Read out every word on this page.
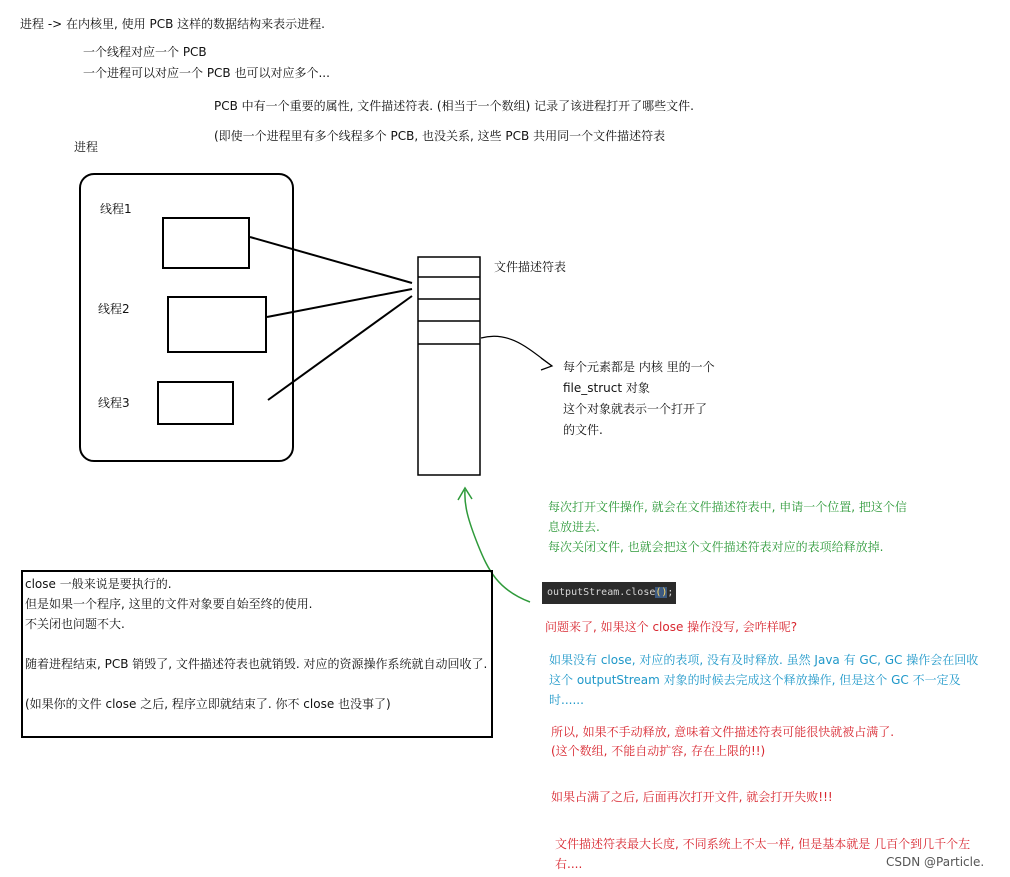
进程 -> 在内核里, 使用 PCB 这样的数据结构来表示进程.
一个线程对应一个 PCB
一个进程可以对应一个 PCB 也可以对应多个...
PCB 中有一个重要的属性, 文件描述符表. (相当于一个数组) 记录了该进程打开了哪些文件.
(即使一个进程里有多个线程多个 PCB, 也没关系, 这些 PCB 共用同一个文件描述符表
进程
线程1
线程2
线程3
文件描述符表
每个元素都是 内核 里的一个
file_struct 对象
这个对象就表示一个打开了
的文件.
每次打开文件操作, 就会在文件描述符表中, 申请一个位置, 把这个信
息放进去.
每次关闭文件, 也就会把这个文件描述符表对应的表项给释放掉.
outputStream.close();
close 一般来说是要执行的.
但是如果一个程序, 这里的文件对象要自始至终的使用.
不关闭也问题不大.
随着进程结束, PCB 销毁了, 文件描述符表也就销毁. 对应的资源操作系统就自动回收了.
(如果你的文件 close 之后, 程序立即就结束了. 你不 close 也没事了)
问题来了, 如果这个 close 操作没写, 会咋样呢?
如果没有 close, 对应的表项, 没有及时释放. 虽然 Java 有 GC, GC 操作会在回收
这个 outputStream 对象的时候去完成这个释放操作, 但是这个 GC 不一定及
时......
所以, 如果不手动释放, 意味着文件描述符表可能很快就被占满了.
(这个数组, 不能自动扩容, 存在上限的!!)
如果占满了之后, 后面再次打开文件, 就会打开失败!!!
文件描述符表最大长度, 不同系统上不太一样, 但是基本就是 几百个到几千个左
右....	CSDN @Particle.
